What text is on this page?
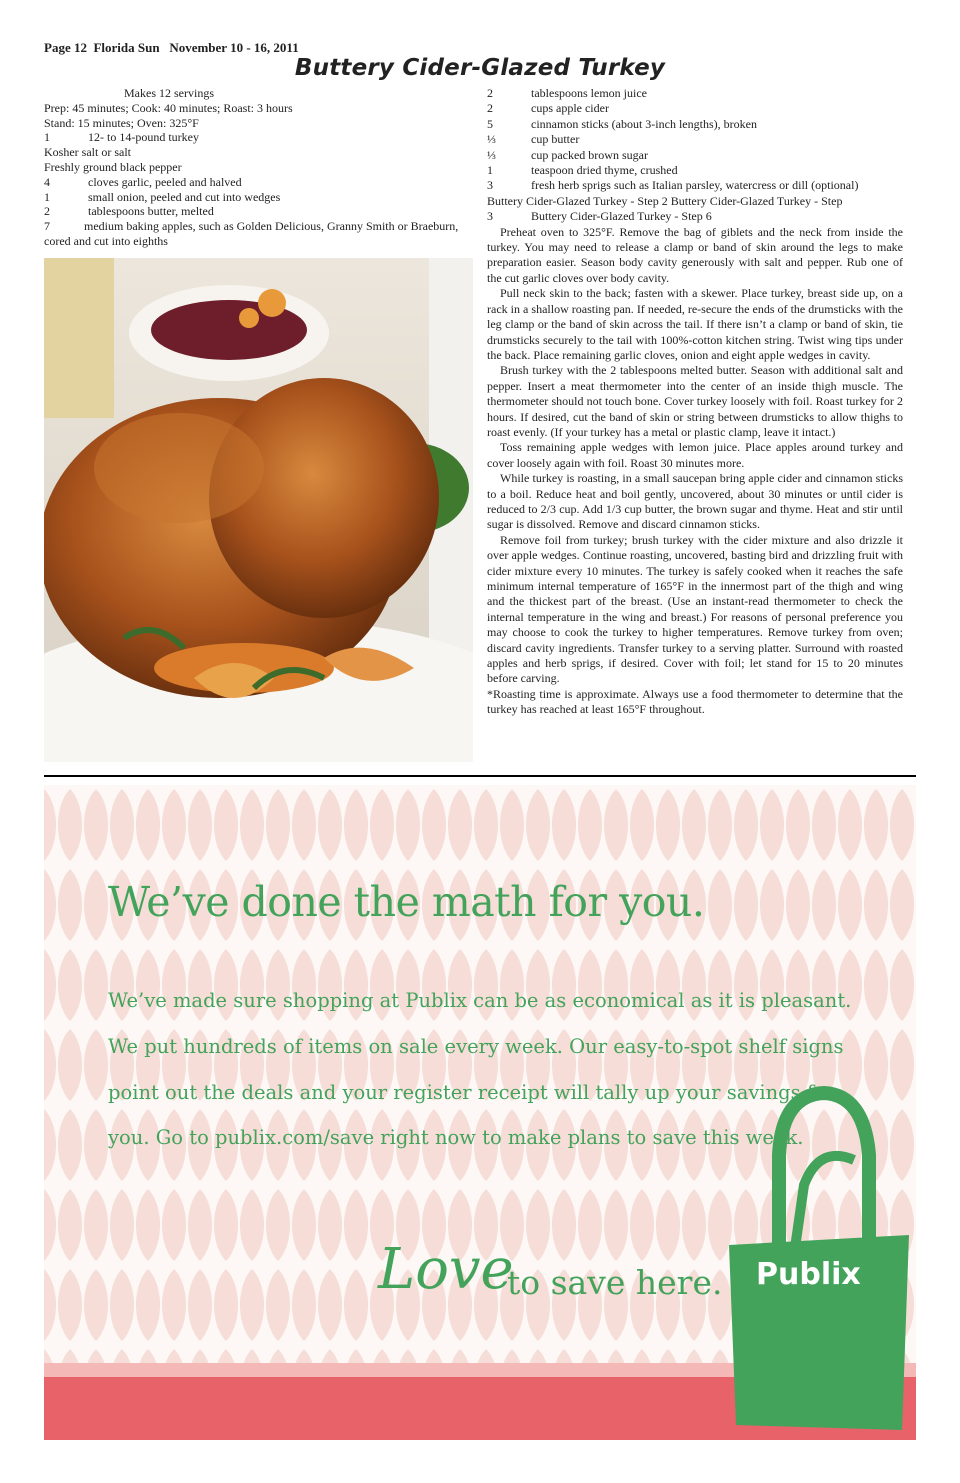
Page 12  Florida Sun   November 10 - 16, 2011
Buttery Cider-Glazed Turkey
Makes 12 servings
Prep: 45 minutes; Cook: 40 minutes; Roast: 3 hours
Stand: 15 minutes; Oven: 325°F
1	12- to 14-pound turkey
Kosher salt or salt
Freshly ground black pepper
4	cloves garlic, peeled and halved
1	small onion, peeled and cut into wedges
2	tablespoons butter, melted
7	medium baking apples, such as Golden Delicious, Granny Smith or Braeburn, cored and cut into eighths
2	tablespoons lemon juice
2	cups apple cider
5	cinnamon sticks (about 3-inch lengths), broken
⅓	cup butter
⅓	cup packed brown sugar
1	teaspoon dried thyme, crushed
3	fresh herb sprigs such as Italian parsley, watercress or dill (optional)
Buttery Cider-Glazed Turkey - Step 2 Buttery Cider-Glazed Turkey - Step
3	Buttery Cider-Glazed Turkey - Step 6

Preheat oven to 325°F. Remove the bag of giblets and the neck from inside the turkey. You may need to release a clamp or band of skin around the legs to make preparation easier. Season body cavity generously with salt and pepper. Rub one of the cut garlic cloves over body cavity.

Pull neck skin to the back; fasten with a skewer. Place turkey, breast side up, on a rack in a shallow roasting pan. If needed, re-secure the ends of the drumsticks with the leg clamp or the band of skin across the tail. If there isn’t a clamp or band of skin, tie drumsticks securely to the tail with 100%-cotton kitchen string. Twist wing tips under the back. Place remaining garlic cloves, onion and eight apple wedges in cavity.

Brush turkey with the 2 tablespoons melted butter. Season with additional salt and pepper. Insert a meat thermometer into the center of an inside thigh muscle. The thermometer should not touch bone. Cover turkey loosely with foil. Roast turkey for 2 hours. If desired, cut the band of skin or string between drumsticks to allow thighs to roast evenly. (If your turkey has a metal or plastic clamp, leave it intact.)

Toss remaining apple wedges with lemon juice. Place apples around turkey and cover loosely again with foil. Roast 30 minutes more.

While turkey is roasting, in a small saucepan bring apple cider and cinnamon sticks to a boil. Reduce heat and boil gently, uncovered, about 30 minutes or until cider is reduced to 2/3 cup. Add 1/3 cup butter, the brown sugar and thyme. Heat and stir until sugar is dissolved. Remove and discard cinnamon sticks.

Remove foil from turkey; brush turkey with the cider mixture and also drizzle it over apple wedges. Continue roasting, uncovered, basting bird and drizzling fruit with cider mixture every 10 minutes. The turkey is safely cooked when it reaches the safe minimum internal temperature of 165°F in the innermost part of the thigh and wing and the thickest part of the breast. (Use an instant-read thermometer to check the internal temperature in the wing and breast.) For reasons of personal preference you may choose to cook the turkey to higher temperatures. Remove turkey from oven; discard cavity ingredients. Transfer turkey to a serving platter. Surround with roasted apples and herb sprigs, if desired. Cover with foil; let stand for 15 to 20 minutes before carving.

*Roasting time is approximate. Always use a food thermometer to determine that the turkey has reached at least 165°F throughout.

We’ve done the math for you.
We’ve made sure shopping at Publix can be as economical as it is pleasant.
We put hundreds of items on sale every week. Our easy-to-spot shelf signs
point out the deals and your register receipt will tally up your savings for
you. Go to publix.com/save right now to make plans to save this week.
Love
to save here. Publix
